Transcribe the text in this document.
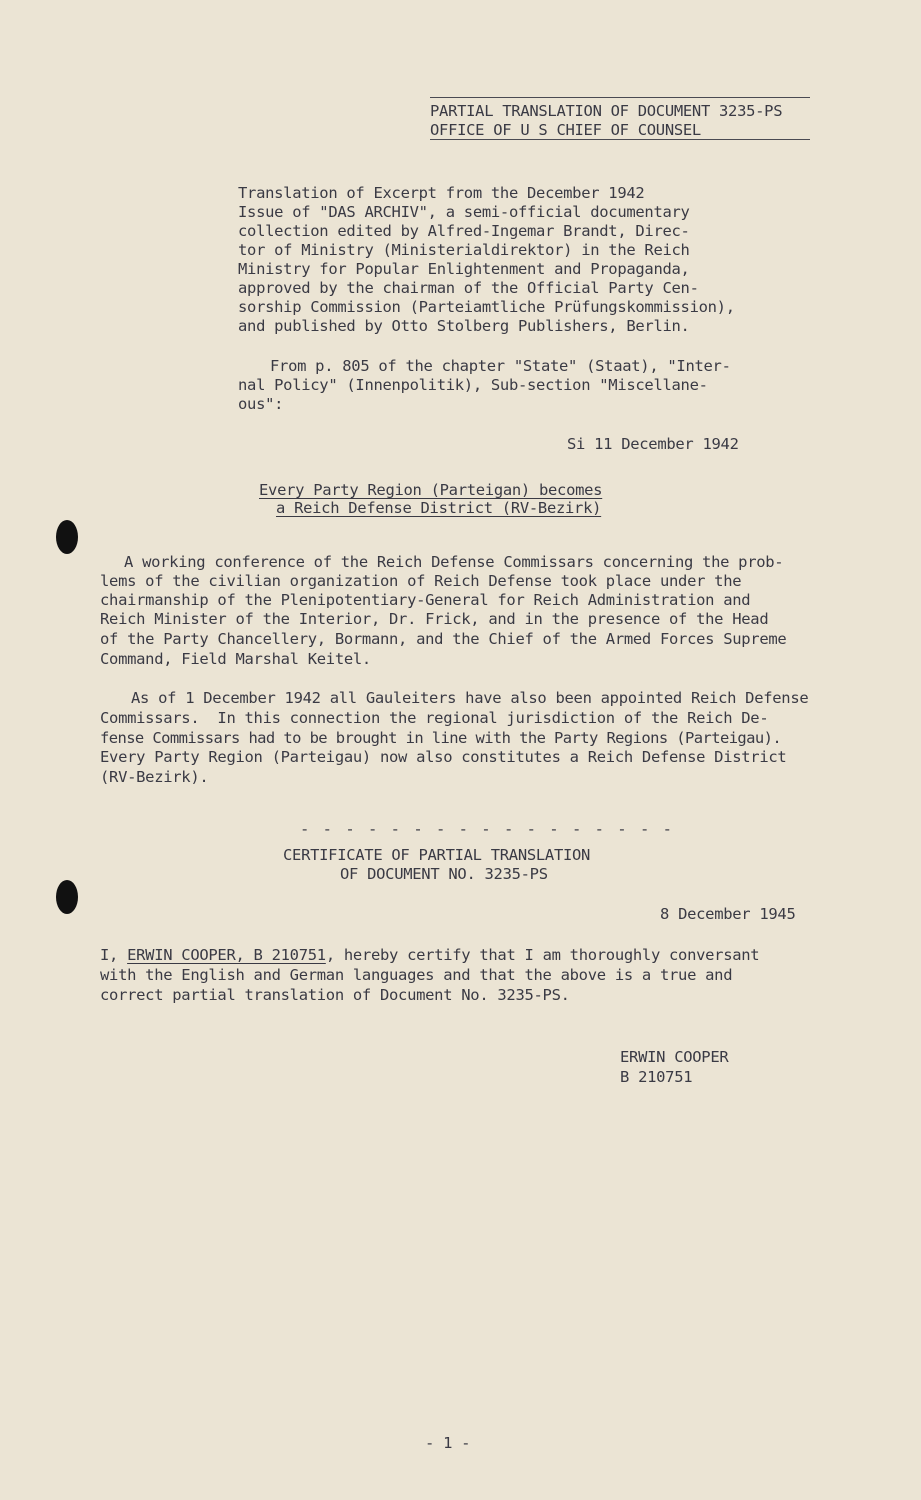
PARTIAL TRANSLATION OF DOCUMENT 3235-PS
OFFICE OF U S CHIEF OF COUNSEL
Translation of Excerpt from the December 1942
Issue of "DAS ARCHIV", a semi-official documentary
collection edited by Alfred-Ingemar Brandt, Direc-
tor of Ministry (Ministerialdirektor) in the Reich
Ministry for Popular Enlightenment and Propaganda,
approved by the chairman of the Official Party Cen-
sorship Commission (Parteiamtliche Prüfungskommission),
and published by Otto Stolberg Publishers, Berlin.
From p. 805 of the chapter "State" (Staat), "Inter-
nal Policy" (Innenpolitik), Sub-section "Miscellane-
ous":
Si 11 December 1942
Every Party Region (Parteigan) becomes
a Reich Defense District (RV-Bezirk)
A working conference of the Reich Defense Commissars concerning the prob-
lems of the civilian organization of Reich Defense took place under the
chairmanship of the Plenipotentiary-General for Reich Administration and
Reich Minister of the Interior, Dr. Frick, and in the presence of the Head
of the Party Chancellery, Bormann, and the Chief of the Armed Forces Supreme
Command, Field Marshal Keitel.
As of 1 December 1942 all Gauleiters have also been appointed Reich Defense
Commissars.  In this connection the regional jurisdiction of the Reich De-
fense Commissars had to be brought in line with the Party Regions (Parteigau).
Every Party Region (Parteigau) now also constitutes a Reich Defense District
(RV-Bezirk).
- - - - - - - - - - - - - - - - -
CERTIFICATE OF PARTIAL TRANSLATION
OF DOCUMENT NO. 3235-PS
8 December 1945
I, ERWIN COOPER, B 210751, hereby certify that I am thoroughly conversant
with the English and German languages and that the above is a true and
correct partial translation of Document No. 3235-PS.
ERWIN COOPER
B 210751
- 1 -
